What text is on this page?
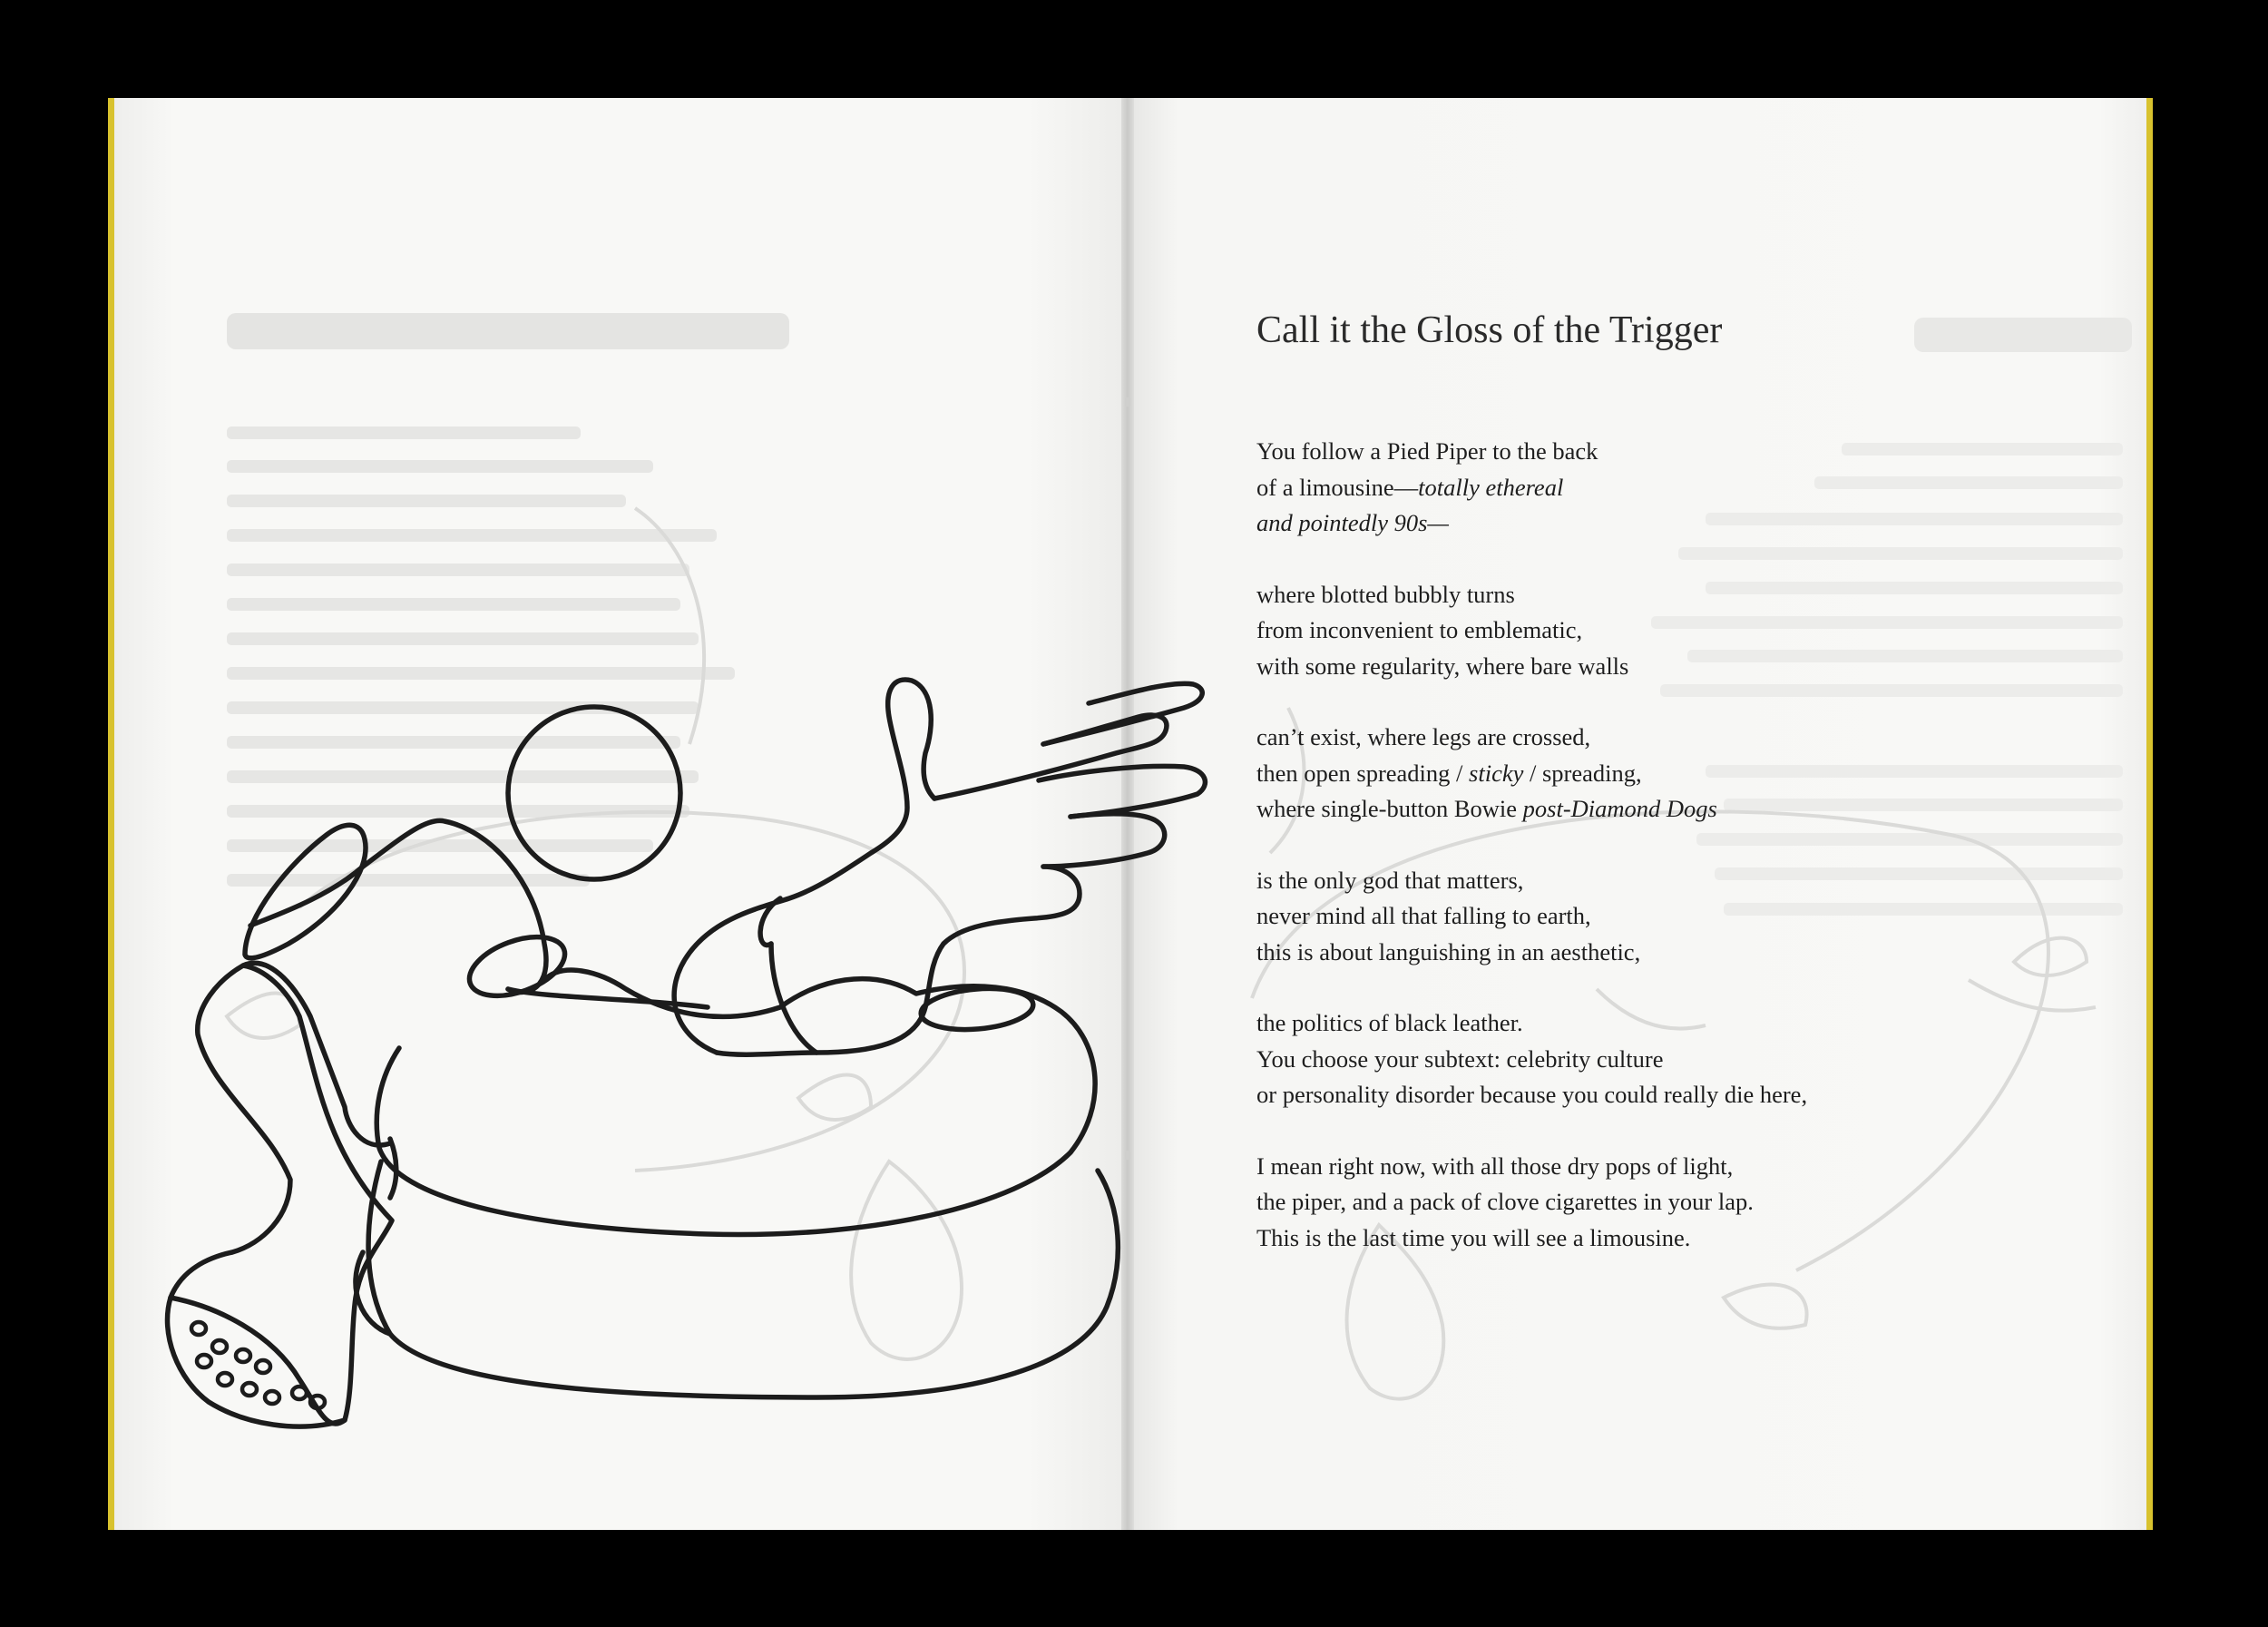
Call it the Gloss of the Trigger
You follow a Pied Piper to the back
of a limousine—totally ethereal
and pointedly 90s—
where blotted bubbly turns
from inconvenient to emblematic,
with some regularity, where bare walls
can’t exist, where legs are crossed,
then open spreading / sticky / spreading,
where single-button Bowie post-Diamond Dogs
is the only god that matters,
never mind all that falling to earth,
this is about languishing in an aesthetic,
the politics of black leather.
You choose your subtext: celebrity culture
or personality disorder because you could really die here,
I mean right now, with all those dry pops of light,
the piper, and a pack of clove cigarettes in your lap.
This is the last time you will see a limousine.
